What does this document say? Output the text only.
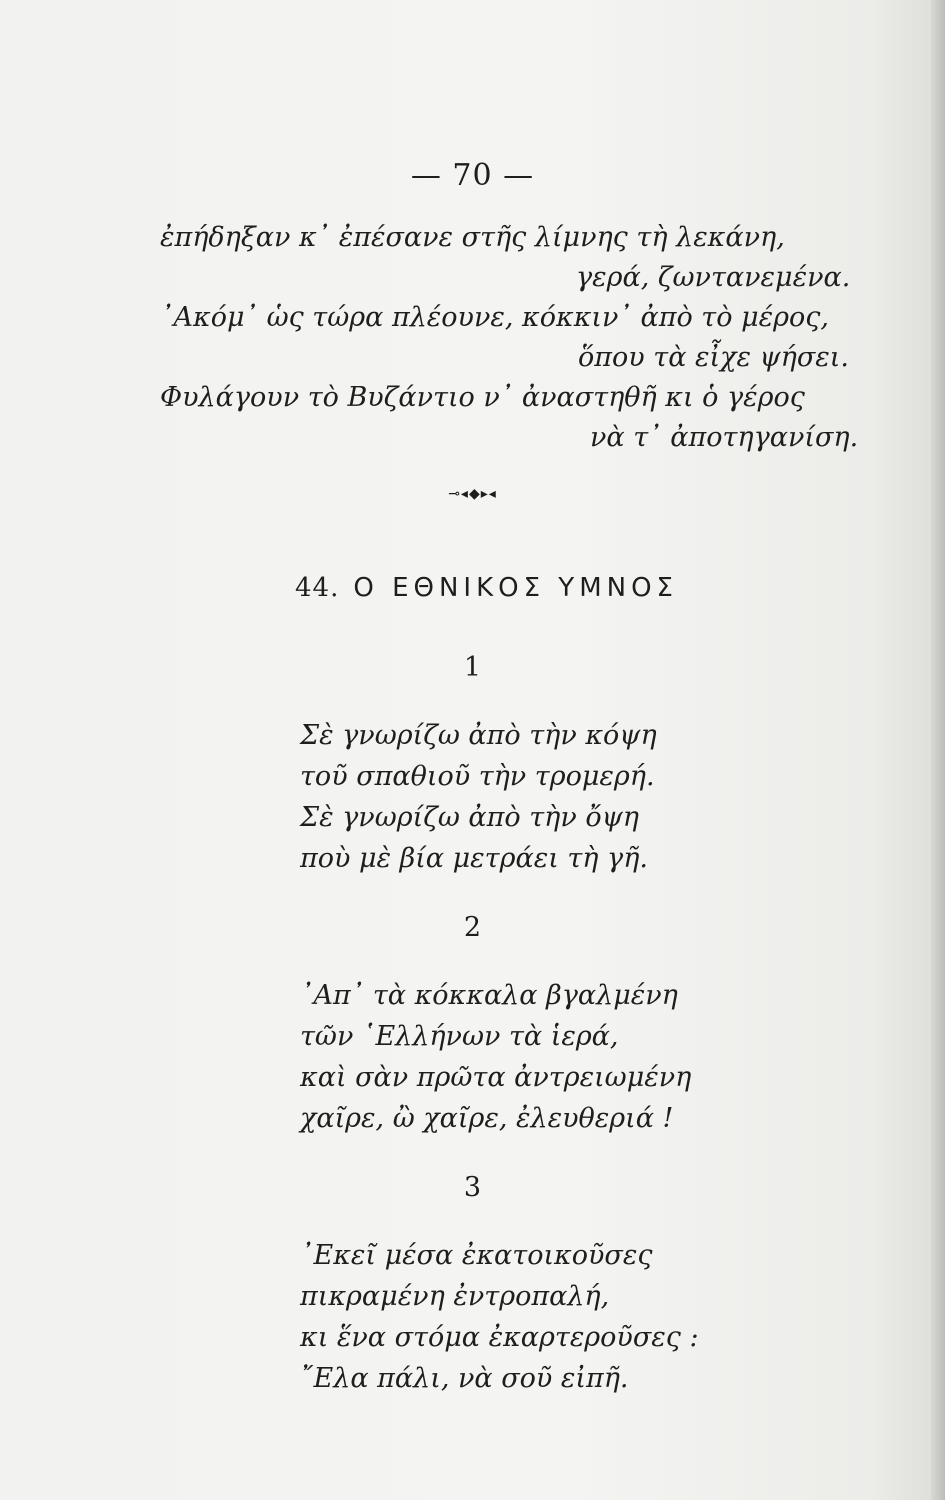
— 70 —
ἐπήδηξαν κ᾽ ἐπέσανε στῆς λίμνης τὴ λεκάνη,
γερά, ζωντανεμένα.
᾽Ακόμ᾽ ὡς τώρα πλέουνε, κόκκιν᾽ ἀπὸ τὸ μέρος,
ὅπου τὰ εἶχε ψήσει.
Φυλάγουν τὸ Βυζάντιο ν᾽ ἀναστηθῆ κι ὁ γέρος
νὰ τ᾽ ἀποτηγανίση.
⊸◂◆▸◂
44. Ο ΕΘΝΙΚΟΣ ΥΜΝΟΣ
1
Σὲ γνωρίζω ἀπὸ τὴν κόψη
τοῦ σπαθιοῦ τὴν τρομερή.
Σὲ γνωρίζω ἀπὸ τὴν ὄψη
ποὺ μὲ βία μετράει τὴ γῆ.
2
᾽Απ᾽ τὰ κόκκαλα βγαλμένη
τῶν ῾Ελλήνων τὰ ἱερά,
καὶ σὰν πρῶτα ἀντρειωμένη
χαῖρε, ὢ χαῖρε, ἐλευθεριά !
3
᾽Εκεῖ μέσα ἐκατοικοῦσες
πικραμένη ἐντροπαλή,
κι ἕνα στόμα ἐκαρτεροῦσες :
῎Ελα πάλι, νὰ σοῦ εἰπῆ.
